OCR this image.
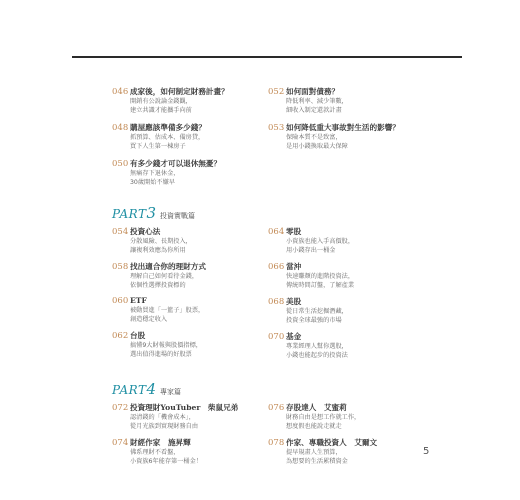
046 成家後，如何制定財務計畫？
開銷有公說論金錢觀，
建立共識才能攜手向前
048 購屋應該準備多少錢？
抓預算、估成本、備房貸，
買下人生第一棟房子
050 有多少錢才可以退休無憂？
無痛存下退休金，
30歲開始不嫌早
052 如何面對債務？
降低利率、減少筆數，
細收入制定還款計畫
053 如何降低重大事故對生活的影響？
保險本質不是致富，
是用小錢換取最大保障
PART 3 投資實戰篇
054 投資心法
分散風險、長期投入，
讓複利效應為你所用
058 找出適合你的理財方式
理解自己如何看待金錢，
依個性選擇投資標的
060 ETF
被動買進「一籃子」股票，
創造穩定收入
062 台股
搞懂9大財報與股價指標，
選出值得進場的好股票
064 零股
小資族也能入手高價股，
用小錢存出一桶金
066 當沖
快速賺顏的進階投資法，
傳統時間訂盤，了解產業
068 美股
從日常生活挖掘潛藏，
投資全球最強的市場
070 基金
專業經理人幫你選股，
小錢也能起步的投資法
PART 4 專家篇
072 投資理財YouTuber　柴鼠兄弟
認清錢的「機會成本」，
從月光族到實現財務自由
074 財經作家　施昇輝
佛系理財不看盤，
小資族6年能存第一桶金！
076 存股達人　艾蜜莉
財務自由是想工作就工作，
想度假也能說走就走
078 作家、專職投資人　艾爾文
提早規畫人生預算，
為想要的生活累積資金
5
